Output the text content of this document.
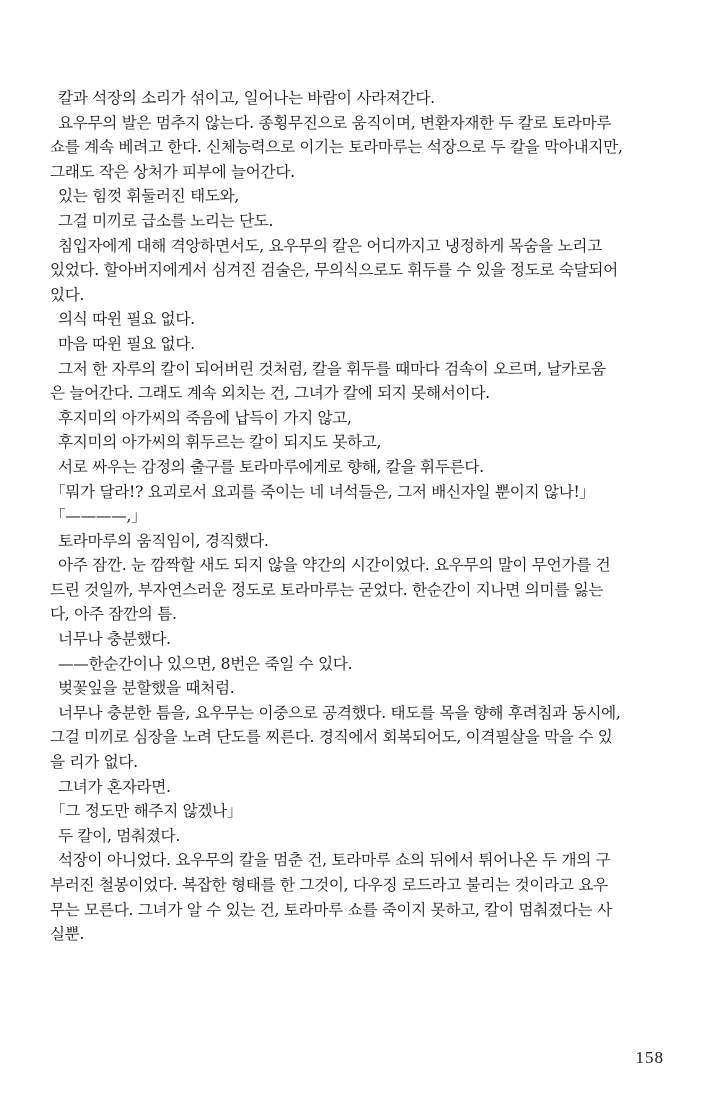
칼과 석장의 소리가 섞이고, 일어나는 바람이 사라져간다.
요우무의 발은 멈추지 않는다. 종횡무진으로 움직이며, 변환자재한 두 칼로 토라마루
쇼를 계속 베려고 한다. 신체능력으로 이기는 토라마루는 석장으로 두 칼을 막아내지만,
그래도 작은 상처가 피부에 늘어간다.
있는 힘껏 휘둘러진 태도와,
그걸 미끼로 급소를 노리는 단도.
침입자에게 대해 격앙하면서도, 요우무의 칼은 어디까지고 냉정하게 목숨을 노리고
있었다. 할아버지에게서 심겨진 검술은, 무의식으로도 휘두를 수 있을 정도로 숙달되어
있다.
의식 따윈 필요 없다.
마음 따윈 필요 없다.
그저 한 자루의 칼이 되어버린 것처럼, 칼을 휘두를 때마다 검속이 오르며, 날카로움
은 늘어간다. 그래도 계속 외치는 건, 그녀가 칼에 되지 못해서이다.
후지미의 아가씨의 죽음에 납득이 가지 않고,
후지미의 아가씨의 휘두르는 칼이 되지도 못하고,
서로 싸우는 감정의 출구를 토라마루에게로 향해, 칼을 휘두른다.
「뭐가 달라!? 요괴로서 요괴를 죽이는 네 녀석들은, 그저 배신자일 뿐이지 않나!」
「————,」
토라마루의 움직임이, 경직했다.
아주 잠깐. 눈 깜짝할 새도 되지 않을 약간의 시간이었다. 요우무의 말이 무언가를 건
드린 것일까, 부자연스러운 정도로 토라마루는 굳었다. 한순간이 지나면 의미를 잃는
다, 아주 잠깐의 틈.
너무나 충분했다.
——한순간이나 있으면, 8번은 죽일 수 있다.
벚꽃잎을 분할했을 때처럼.
너무나 충분한 틈을, 요우무는 이중으로 공격했다. 태도를 목을 향해 후려침과 동시에,
그걸 미끼로 심장을 노려 단도를 찌른다. 경직에서 회복되어도, 이격필살을 막을 수 있
을 리가 없다.
그녀가 혼자라면.
「그 정도만 해주지 않겠나」
두 칼이, 멈춰졌다.
석장이 아니었다. 요우무의 칼을 멈춘 건, 토라마루 쇼의 뒤에서 튀어나온 두 개의 구
부러진 철봉이었다. 복잡한 형태를 한 그것이, 다우징 로드라고 불리는 것이라고 요우
무는 모른다. 그녀가 알 수 있는 건, 토라마루 쇼를 죽이지 못하고, 칼이 멈춰졌다는 사
실뿐.
158
